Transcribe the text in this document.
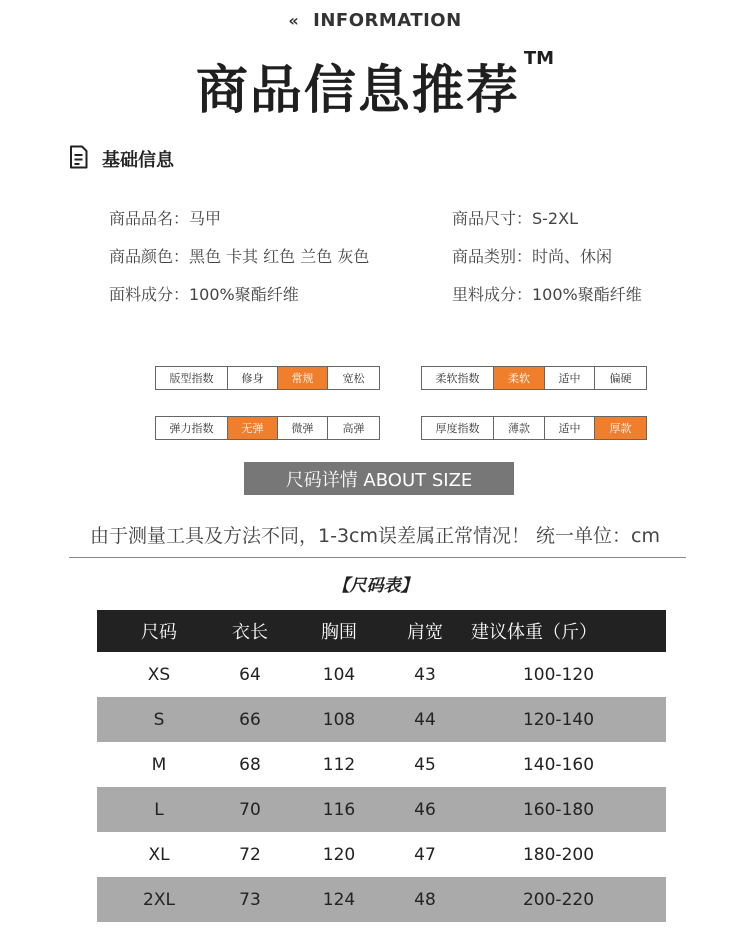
« INFORMATION
商品信息推荐™
基础信息
商品品名：马甲	商品尺寸：S-2XL
商品颜色：黑色 卡其 红色 兰色 灰色	商品类别：时尚、休闲
面料成分：100%聚酯纤维	里料成分：100%聚酯纤维
版型指数	修身	常规	宽松	柔软指数	柔软	适中	偏硬
弹力指数	无弹	微弹	高弹	厚度指数	薄款	适中	厚款
尺码详情 ABOUT SIZE
由于测量工具及方法不同，1-3cm误差属正常情况！ 统一单位：cm
【尺码表】
尺码	衣长	胸围	肩宽	建议体重（斤）
XS	64	104	43	100-120
S	66	108	44	120-140
M	68	112	45	140-160
L	70	116	46	160-180
XL	72	120	47	180-200
2XL	73	124	48	200-220
